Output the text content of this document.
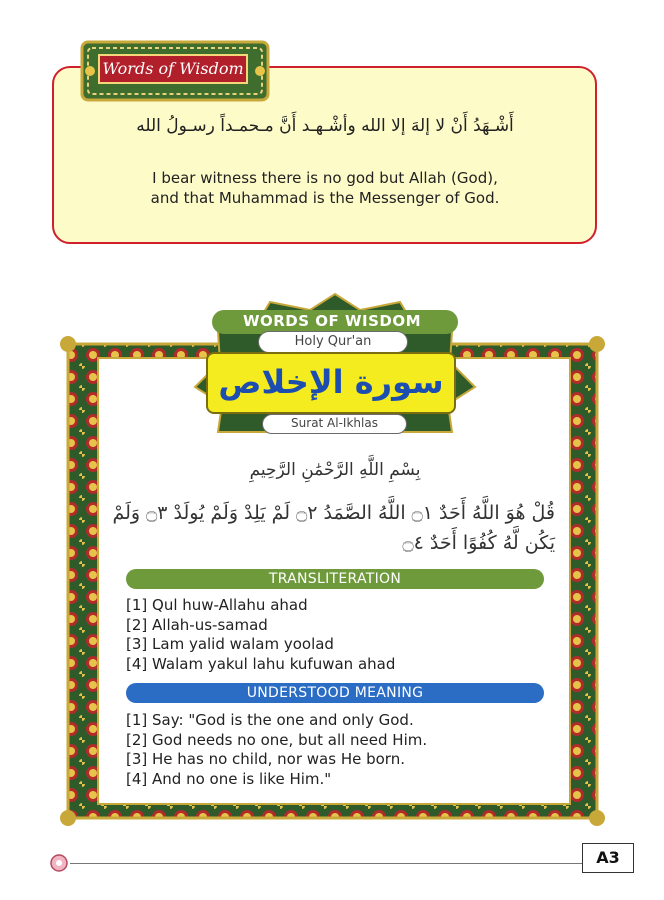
Words of Wisdom
أَشْـهَدُ أَنْ لا إلهَ إلا الله وأشْـهـد أَنَّ مـحمـداً رسـولُ الله
I bear witness there is no god but Allah (God),
and that Muhammad is the Messenger of God.
WORDS OF WISDOM
Holy Qur'an
سورة الإخلاص
Surat Al-Ikhlas
بِسْمِ اللَّهِ الرَّحْمَٰنِ الرَّحِيمِ
قُلْ هُوَ اللَّهُ أَحَدٌ ۝١ اللَّهُ الصَّمَدُ ۝٢ لَمْ يَلِدْ وَلَمْ يُولَدْ ۝٣ وَلَمْ
يَكُن لَّهُ كُفُوًا أَحَدٌ ۝٤
TRANSLITERATION
[1] Qul huw-Allahu ahad
[2] Allah-us-samad
[3] Lam yalid walam yoolad
[4] Walam yakul lahu kufuwan ahad
UNDERSTOOD MEANING
[1] Say: "God is the one and only God.
[2] God needs no one, but all need Him.
[3] He has no child, nor was He born.
[4] And no one is like Him."
A3
